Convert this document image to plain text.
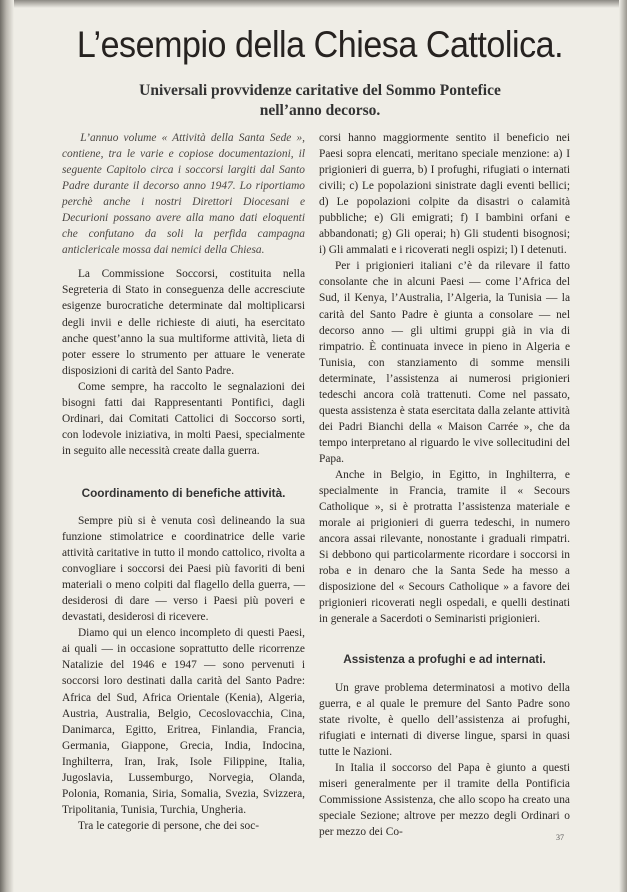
L’esempio della Chiesa Cattolica.
Universali provvidenze caritative del Sommo Pontefice
nell’anno decorso.

L’annuo volume « Attività della Santa Sede », contiene, tra le varie e copiose documentazioni, il seguente Capitolo circa i soccorsi largiti dal Santo Padre durante il decorso anno 1947. Lo riportiamo perchè anche i nostri Direttori Diocesani e Decurioni possano avere alla mano dati eloquenti che confutano da soli la perfida campagna anticlericale mossa dai nemici della Chiesa.

La Commissione Soccorsi, costituita nella Segreteria di Stato in conseguenza delle accresciute esigenze burocratiche determinate dal moltiplicarsi degli invii e delle richieste di aiuti, ha esercitato anche quest’anno la sua multiforme attività, lieta di poter essere lo strumento per attuare le venerate disposizioni di carità del Santo Padre.

Come sempre, ha raccolto le segnalazioni dei bisogni fatti dai Rappresentanti Pontifici, dagli Ordinari, dai Comitati Cattolici di Soccorso sorti, con lodevole iniziativa, in molti Paesi, specialmente in seguito alle necessità create dalla guerra.

Coordinamento di benefiche attività.

Sempre più si è venuta così delineando la sua funzione stimolatrice e coordinatrice delle varie attività caritative in tutto il mondo cattolico, rivolta a convogliare i soccorsi dei Paesi più favoriti di beni materiali o meno colpiti dal flagello della guerra, — desiderosi di dare — verso i Paesi più poveri e devastati, desiderosi di ricevere.

Diamo qui un elenco incompleto di questi Paesi, ai quali — in occasione soprattutto delle ricorrenze Natalizie del 1946 e 1947 — sono pervenuti i soccorsi loro destinati dalla carità del Santo Padre: Africa del Sud, Africa Orientale (Kenia), Algeria, Austria, Australia, Belgio, Cecoslovacchia, Cina, Danimarca, Egitto, Eritrea, Finlandia, Francia, Germania, Giappone, Grecia, India, Indocina, Inghilterra, Iran, Irak, Isole Filippine, Italia, Jugoslavia, Lussemburgo, Norvegia, Olanda, Polonia, Romania, Siria, Somalia, Svezia, Svizzera, Tripolitania, Tunisia, Turchia, Ungheria.

Tra le categorie di persone, che dei soc-

corsi hanno maggiormente sentito il beneficio nei Paesi sopra elencati, meritano speciale menzione: a) I prigionieri di guerra, b) I profughi, rifugiati o internati civili; c) Le popolazioni sinistrate dagli eventi bellici; d) Le popolazioni colpite da disastri o calamità pubbliche; e) Gli emigrati; f) I bambini orfani e abbandonati; g) Gli operai; h) Gli studenti bisognosi; i) Gli ammalati e i ricoverati negli ospizi; l) I detenuti.

Per i prigionieri italiani c’è da rilevare il fatto consolante che in alcuni Paesi — come l’Africa del Sud, il Kenya, l’Australia, l’Algeria, la Tunisia — la carità del Santo Padre è giunta a consolare — nel decorso anno — gli ultimi gruppi già in via di rimpatrio. È continuata invece in pieno in Algeria e Tunisia, con stanziamento di somme mensili determinate, l’assistenza ai numerosi prigionieri tedeschi ancora colà trattenuti. Come nel passato, questa assistenza è stata esercitata dalla zelante attività dei Padri Bianchi della « Maison Carrée », che da tempo interpretano al riguardo le vive sollecitudini del Papa.

Anche in Belgio, in Egitto, in Inghilterra, e specialmente in Francia, tramite il « Secours Catholique », si è protratta l’assistenza materiale e morale ai prigionieri di guerra tedeschi, in numero ancora assai rilevante, nonostante i graduali rimpatri. Si debbono qui particolarmente ricordare i soccorsi in roba e in denaro che la Santa Sede ha messo a disposizione del « Secours Catholique » a favore dei prigionieri ricoverati negli ospedali, e quelli destinati in generale a Sacerdoti o Seminaristi prigionieri.

Assistenza a profughi e ad internati.

Un grave problema determinatosi a motivo della guerra, e al quale le premure del Santo Padre sono state rivolte, è quello dell’assistenza ai profughi, rifugiati e internati di diverse lingue, sparsi in quasi tutte le Nazioni.

In Italia il soccorso del Papa è giunto a questi miseri generalmente per il tramite della Pontificia Commissione Assistenza, che allo scopo ha creato una speciale Sezione; altrove per mezzo degli Ordinari o per mezzo dei Co-	37
